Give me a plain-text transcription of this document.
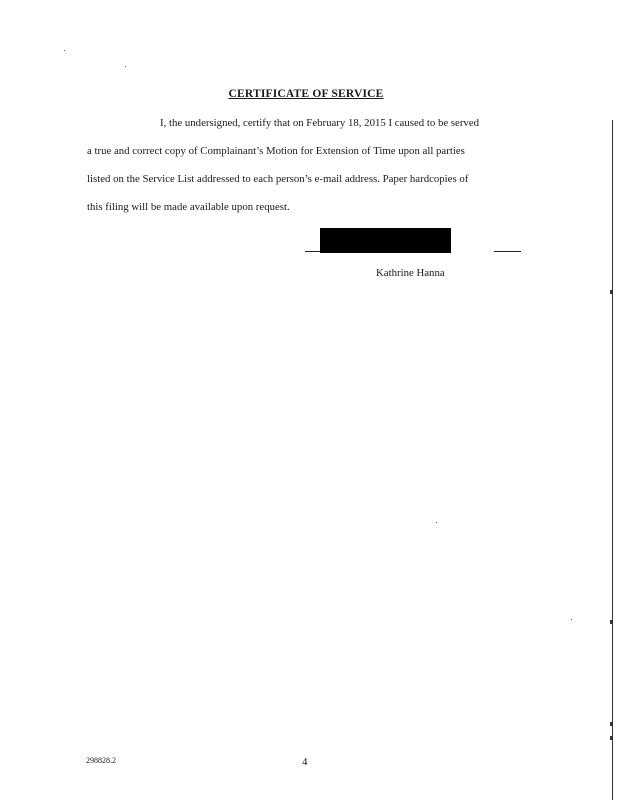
CERTIFICATE OF SERVICE
I, the undersigned, certify that on February 18, 2015 I caused to be served
a true and correct copy of Complainant’s Motion for Extension of Time upon all parties
listed on the Service List addressed to each person’s e-mail address. Paper hardcopies of
this filing will be made available upon request.
Kathrine Hanna
298828.2	4
